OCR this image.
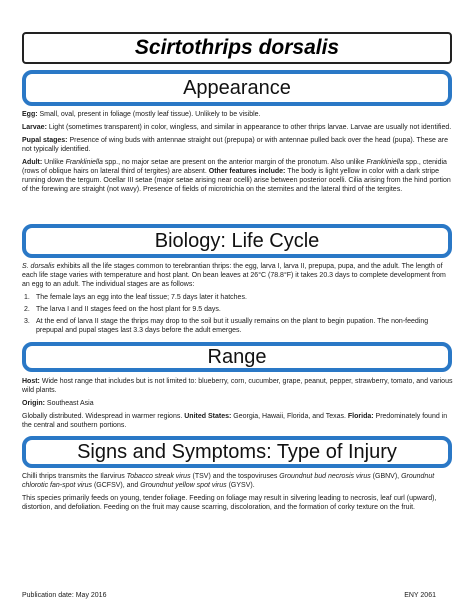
Scirtothrips dorsalis
Appearance

Egg: Small, oval, present in foliage (mostly leaf tissue). Unlikely to be visible.

Larvae: Light (sometimes transparent) in color, wingless, and similar in appearance to other thrips larvae. Larvae are usually not identified.

Pupal stages: Presence of wing buds with antennae straight out (prepupa) or with antennae pulled back over the head (pupa). These are not typically identified.

Adult: Unlike Frankliniella spp., no major setae are present on the anterior margin of the pronotum. Also unlike Frankliniella spp., ctenidia (rows of oblique hairs on lateral third of tergites) are absent. Other features include: The body is light yellow in color with a dark stripe running down the tergum. Ocellar III setae (major setae arising near ocelli) arise between posterior ocelli. Cilia arising from the hind portion of the forewing are straight (not wavy). Presence of fields of microtrichia on the sternites and the lateral third of the tergites.

Biology: Life Cycle

S. dorsalis exhibits all the life stages common to terebrantian thrips: the egg, larva I, larva II, prepupa, pupa, and the adult. The length of each life stage varies with temperature and host plant. On bean leaves at 26°C (78.8°F) it takes 20.3 days to complete development from an egg to an adult. The individual stages are as follows:

1. The female lays an egg into the leaf tissue; 7.5 days later it hatches.
2. The larva I and II stages feed on the host plant for 9.5 days.
3. At the end of larva II stage the thrips may drop to the soil but it usually remains on the plant to begin pupation. The non-feeding prepupal and pupal stages last 3.3 days before the adult emerges.
Range

Host: Wide host range that includes but is not limited to: blueberry, corn, cucumber, grape, peanut, pepper, strawberry, tomato, and various wild plants.

Origin: Southeast Asia

Globally distributed. Widespread in warmer regions. United States: Georgia, Hawaii, Florida, and Texas. Florida: Predominately found in the central and southern portions.

Signs and Symptoms: Type of Injury

Chilli thrips transmits the Ilarvirus Tobacco streak virus (TSV) and the tospoviruses Groundnut bud necrosis virus (GBNV), Groundnut chlorotic fan-spot virus (GCFSV), and Groundnut yellow spot virus (GYSV).

This species primarily feeds on young, tender foliage. Feeding on foliage may result in silvering leading to necrosis, leaf curl (upward), distortion, and defoliation. Feeding on the fruit may cause scarring, discoloration, and the formation of corky texture on the fruit.

Publication date: May 2016	ENY 2061
